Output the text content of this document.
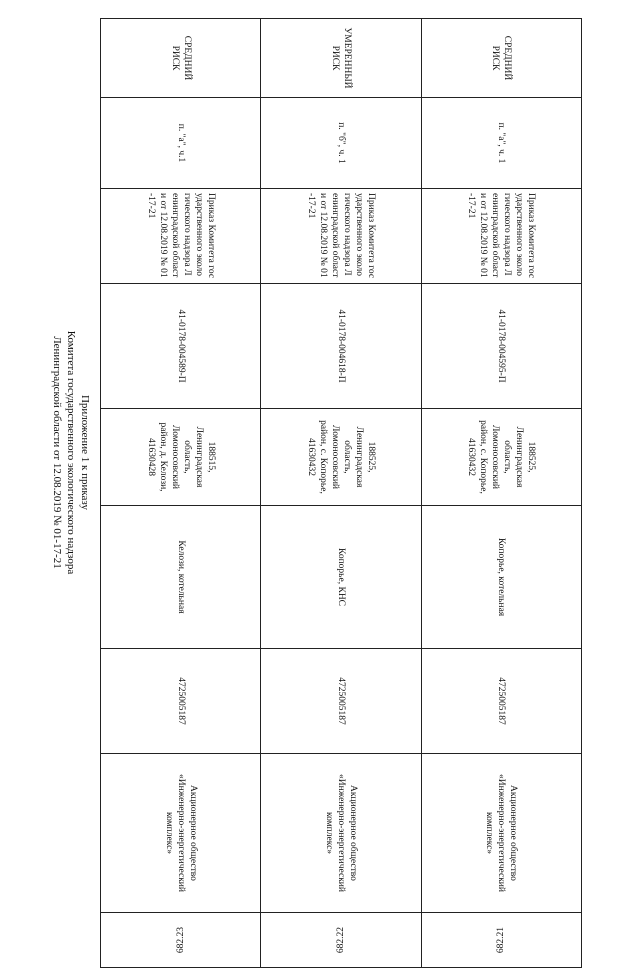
Приложение 1 к приказу
Комитета государственного экологического надзора
Ленинградской области от 12.08.2019 № 01-17-21
СРЕДНИЙ РИСК	п. "а", ч. 1	Приказ Комитета государственного экологического надзора Ленинградской области от 12.08.2019 № 01-17-21	41-0178-004595-П	188525, Ленинградская область, Ломоносовский район, с. Копорье, 41630432	Копорье, котельная	4725005187	Акционерное общество «Инженерно-энергетический комплекс»	682.21
УМЕРЕННЫЙ РИСК	п. "б", ч. 1	Приказ Комитета государственного экологического надзора Ленинградской области от 12.08.2019 № 01-17-21	41-0178-004618-П	188525, Ленинградская область, Ломоносовский район, с. Копорье, 41630432	Копорье, КНС	4725005187	Акционерное общество «Инженерно-энергетический комплекс»	682.22
СРЕДНИЙ РИСК	п. "а", ч.1	Приказ Комитета государственного экологического надзора Ленинградской области от 12.08.2019 № 01-17-21	41-0178-004589-П	188515, Ленинградская область, Ломоносовский район, д. Келози, 41630428	Келози, котельная	4725005187	Акционерное общество «Инженерно-энергетический комплекс»	682.23
